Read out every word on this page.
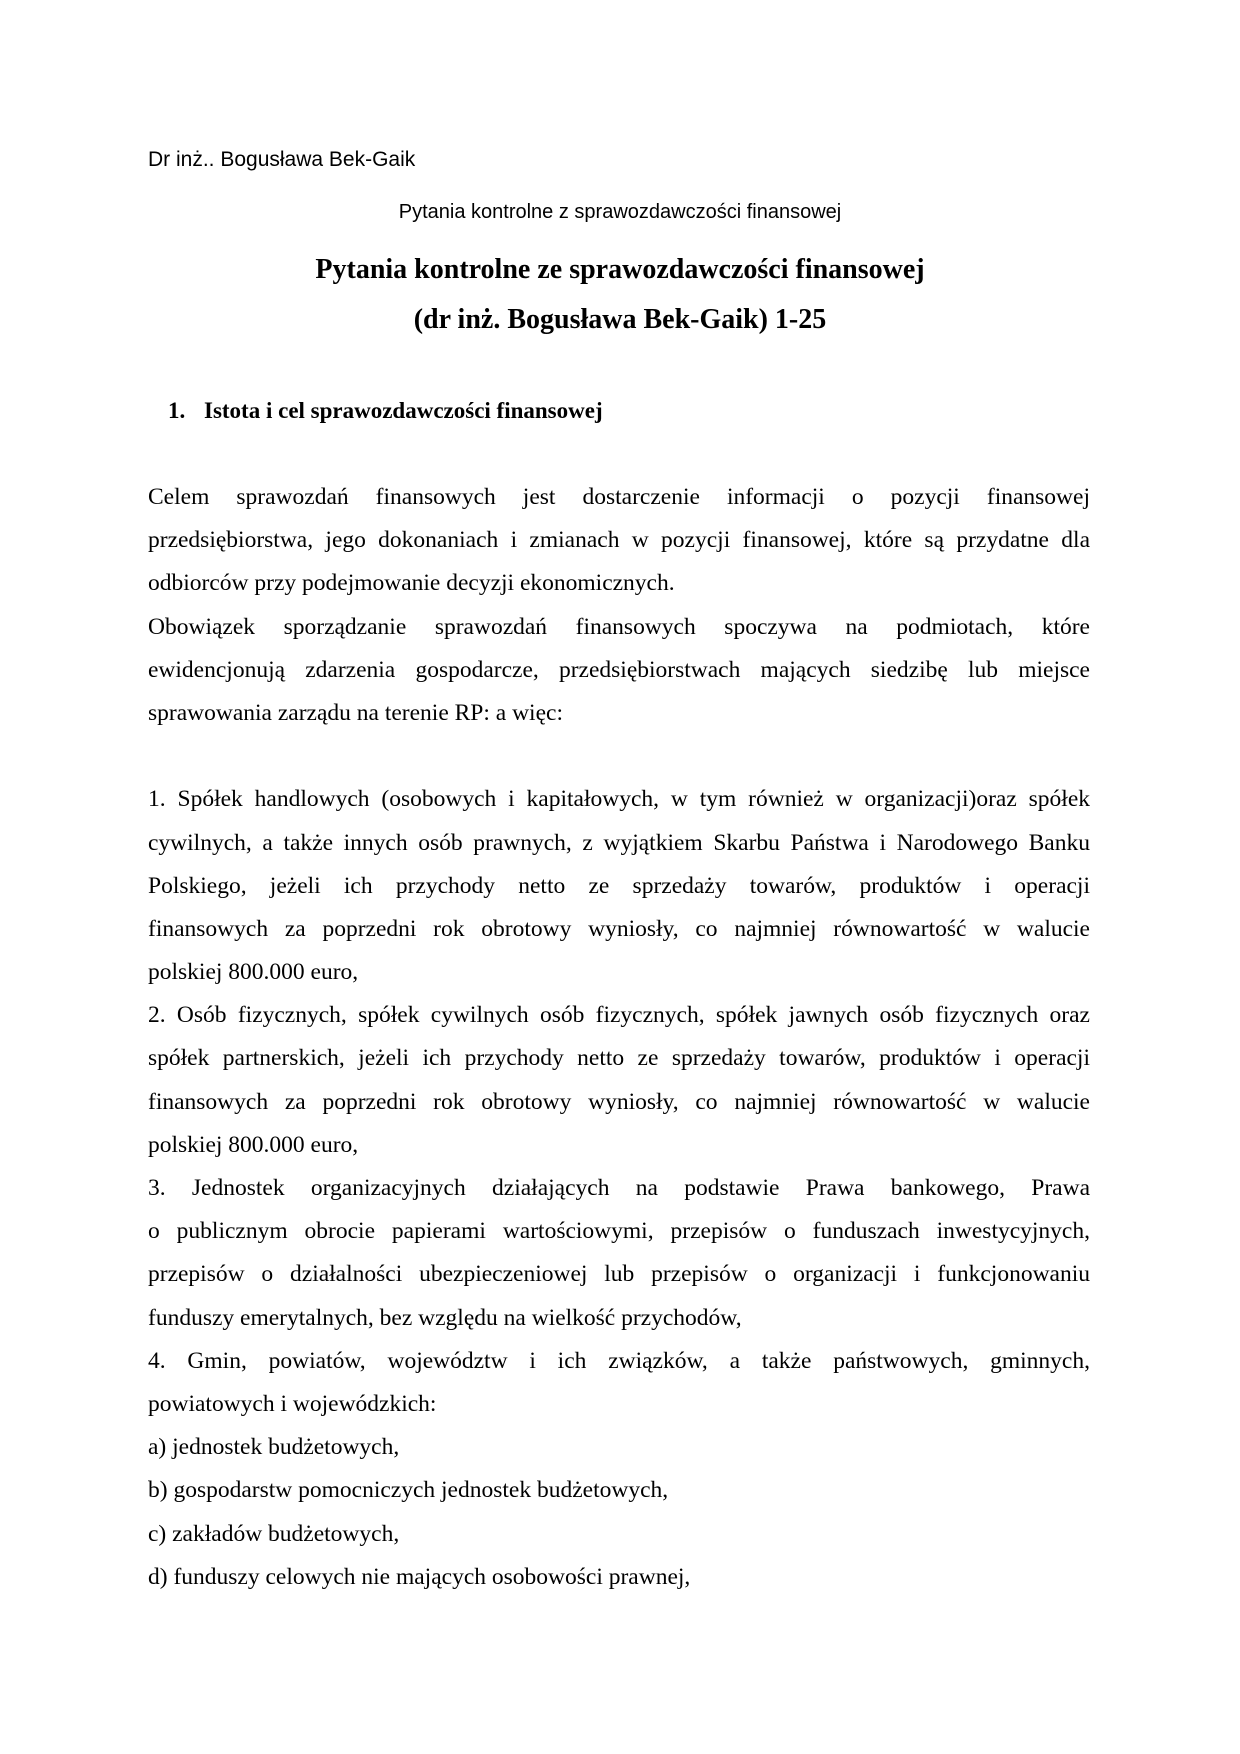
Dr inż.. Bogusława Bek-Gaik
Pytania kontrolne z sprawozdawczości finansowej
Pytania kontrolne ze sprawozdawczości finansowej
(dr inż. Bogusława Bek-Gaik) 1-25
1. Istota i cel sprawozdawczości finansowej
Celem sprawozdań finansowych jest dostarczenie informacji o pozycji finansowej
przedsiębiorstwa, jego dokonaniach i zmianach w pozycji finansowej, które są przydatne dla
odbiorców przy podejmowanie decyzji ekonomicznych.
Obowiązek sporządzanie sprawozdań finansowych spoczywa na podmiotach, które
ewidencjonują zdarzenia gospodarcze, przedsiębiorstwach mających siedzibę lub miejsce
sprawowania zarządu na terenie RP: a więc:
1. Spółek handlowych (osobowych i kapitałowych, w tym również w organizacji)oraz spółek
cywilnych, a także innych osób prawnych, z wyjątkiem Skarbu Państwa i Narodowego Banku
Polskiego, jeżeli ich przychody netto ze sprzedaży towarów, produktów i operacji
finansowych za poprzedni rok obrotowy wyniosły, co najmniej równowartość w walucie
polskiej 800.000 euro,
2. Osób fizycznych, spółek cywilnych osób fizycznych, spółek jawnych osób fizycznych oraz
spółek partnerskich, jeżeli ich przychody netto ze sprzedaży towarów, produktów i operacji
finansowych za poprzedni rok obrotowy wyniosły, co najmniej równowartość w walucie
polskiej 800.000 euro,
3. Jednostek organizacyjnych działających na podstawie Prawa bankowego, Prawa
o publicznym obrocie papierami wartościowymi, przepisów o funduszach inwestycyjnych,
przepisów o działalności ubezpieczeniowej lub przepisów o organizacji i funkcjonowaniu
funduszy emerytalnych, bez względu na wielkość przychodów,
4. Gmin, powiatów, województw i ich związków, a także państwowych, gminnych,
powiatowych i wojewódzkich:
a) jednostek budżetowych,
b) gospodarstw pomocniczych jednostek budżetowych,
c) zakładów budżetowych,
d) funduszy celowych nie mających osobowości prawnej,
